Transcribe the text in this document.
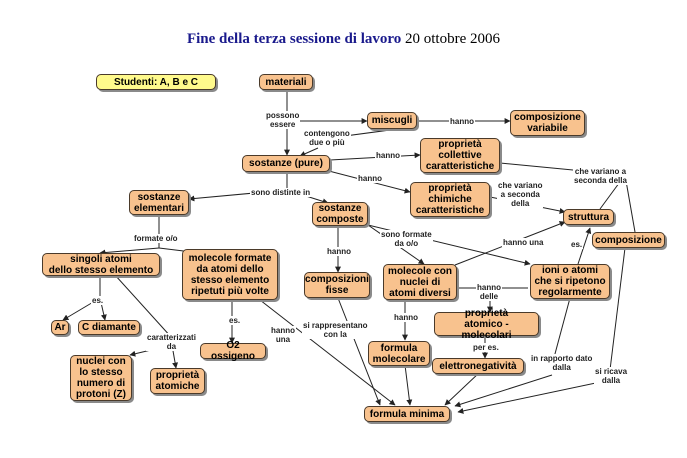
Fine della terza sessione di lavoro 20 ottobre 2006
Studenti: A, B e C	materiali
miscugli	composizione
variabile
sostanze (pure)
proprietà
collettive
caratteristiche
proprietà
chimiche
caratteristiche
sostanze
elementari	sostanze
composte	struttura
composizione
singoli atomi
dello stesso elemento
molecole formate
da atomi dello
stesso elemento
ripetuti più volte
composizioni
fisse
molecole con
nuclei di
atomi diversi
ioni o atomi
che si ripetono
regolarmente
Ar	C diamante
O2 ossigeno
proprietà
atomico - molecolari
nuclei con
lo stesso
numero di
protoni (Z)
proprietà
atomiche
formula
molecolare
elettronegatività
formula minima
possono
essere	hanno
contengono
due o più
hanno
hanno
che variano
a seconda
della
che variano a
seconda della
sono distinte in
formate o/o	sono formate
da o/o	hanno una	es.
hanno
hanno
delle
es.
caratterizzati
da
es.
hanno
una
si rappresentano
con la
hanno
per es.
in rapporto dato
dalla	si ricava
dalla
